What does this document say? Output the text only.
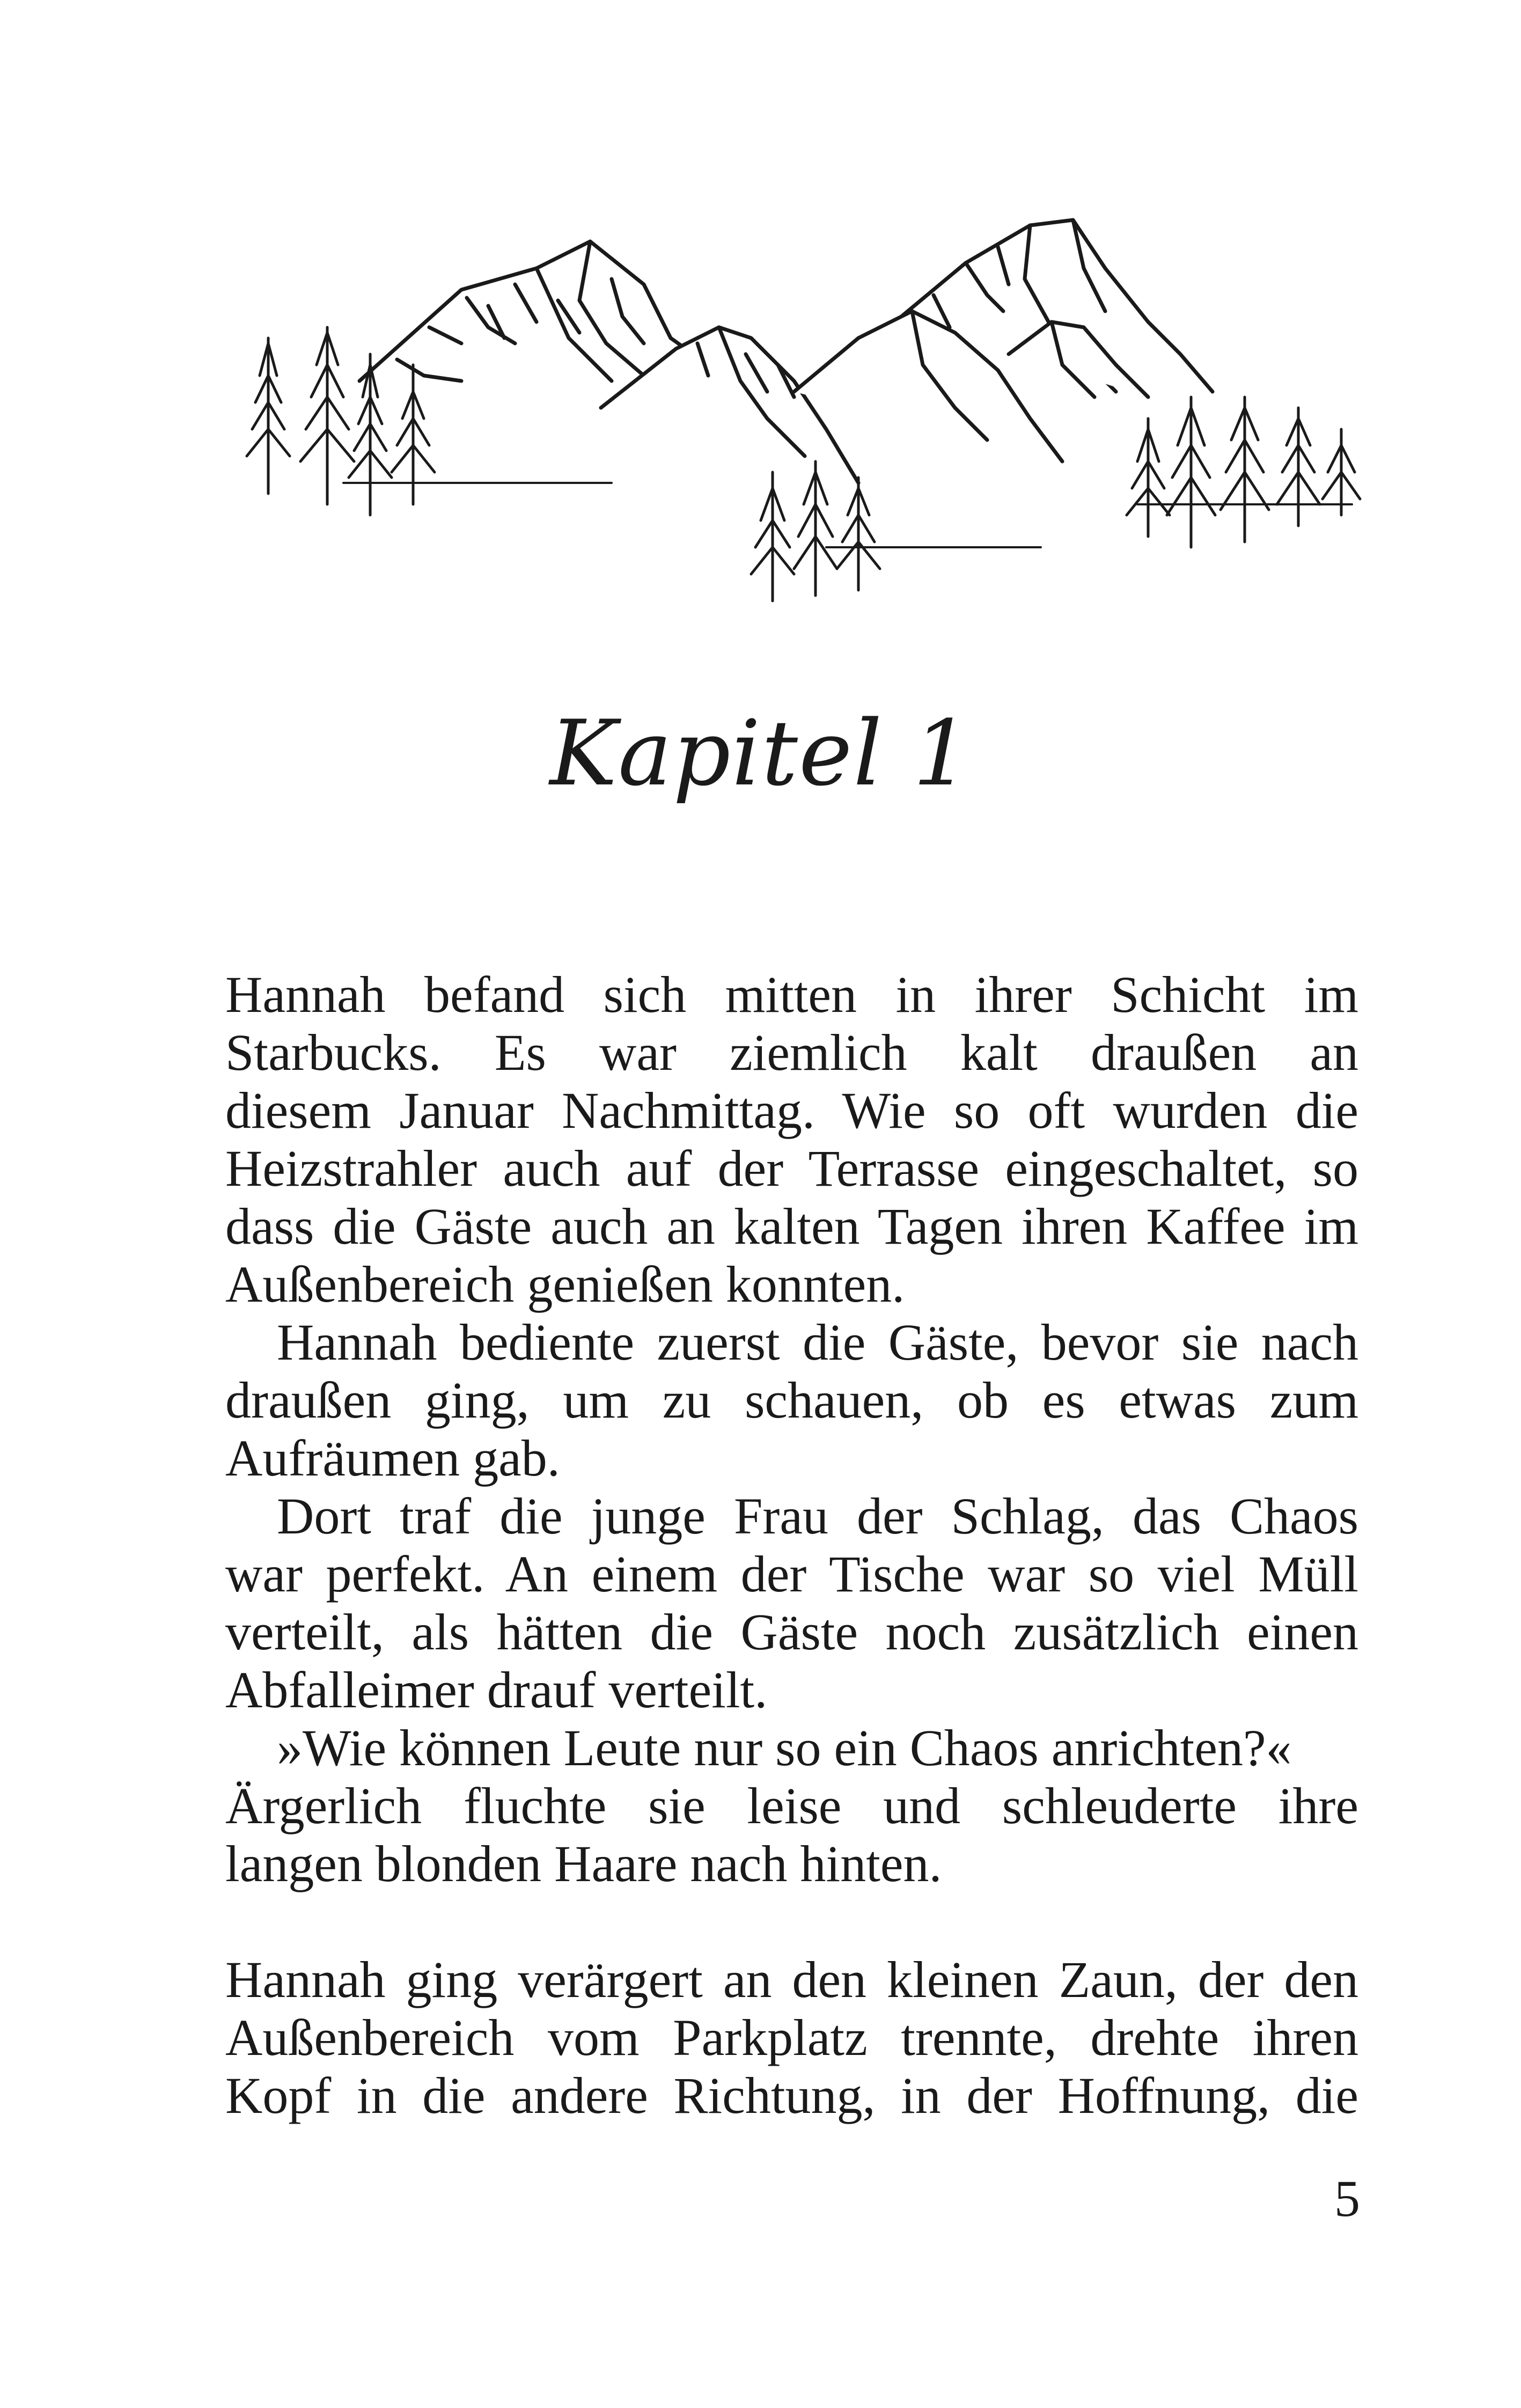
Kapitel 1
Hannah befand sich mitten in ihrer Schicht im
Starbucks. Es war ziemlich kalt draußen an
diesem Januar Nachmittag. Wie so oft wurden die
Heizstrahler auch auf der Terrasse eingeschaltet, so
dass die Gäste auch an kalten Tagen ihren Kaffee im
Außenbereich genießen konnten.
Hannah bediente zuerst die Gäste, bevor sie nach
draußen ging, um zu schauen, ob es etwas zum
Aufräumen gab.
Dort traf die junge Frau der Schlag, das Chaos
war perfekt. An einem der Tische war so viel Müll
verteilt, als hätten die Gäste noch zusätzlich einen
Abfalleimer drauf verteilt.
»Wie können Leute nur so ein Chaos anrichten?«
Ärgerlich fluchte sie leise und schleuderte ihre
langen blonden Haare nach hinten.
Hannah ging verärgert an den kleinen Zaun, der den
Außenbereich vom Parkplatz trennte, drehte ihren
Kopf in die andere Richtung, in der Hoffnung, die
5
